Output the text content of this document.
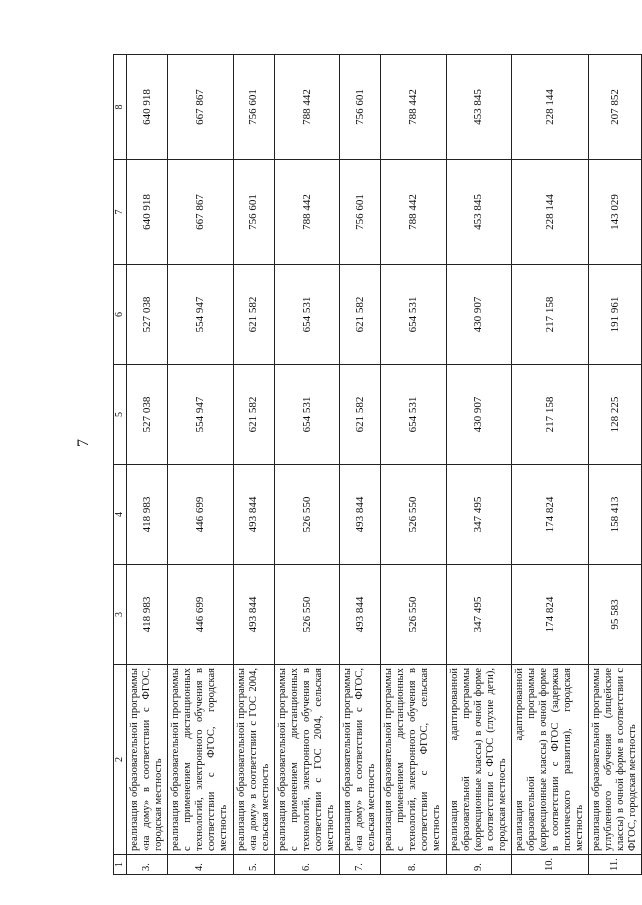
7
1	2	3	4	5	6	7	8
3.	реализация образовательной программы «на дому» в соответствии с ФГОС, городская местность	418 983	418 983	527 038	527 038	640 918	640 918
4.	реализация образовательной программы с применением дистанционных технологий, электронного обучения в соответствии с ФГОС, городская местность	446 699	446 699	554 947	554 947	667 867	667 867
5.	реализация образовательной программы «на дому» в соответствии с ГОС 2004, сельская местность	493 844	493 844	621 582	621 582	756 601	756 601
6.	реализация образовательной программы с применением дистанционных технологий, электронного обучения в соответствии с ГОС 2004, сельская местность	526 550	526 550	654 531	654 531	788 442	788 442
7.	реализация образовательной программы «на дому» в соответствии с ФГОС, сельская местность	493 844	493 844	621 582	621 582	756 601	756 601
8.	реализация образовательной программы с применением дистанционных технологий, электронного обучения в соответствии с ФГОС, сельская местность	526 550	526 550	654 531	654 531	788 442	788 442
9.	реализация адаптированной образовательной программы (коррекционные классы) в очной форме в соответствии с ФГОС (глухие дети), городская местность	347 495	347 495	430 907	430 907	453 845	453 845
10.	реализация адаптированной образовательной программы (коррекционные классы) в очной форме в соответствии с ФГОС (задержка психического развития), городская местность	174 824	174 824	217 158	217 158	228 144	228 144
11.	реализация образовательной программы углубленного обучения (лицейские классы) в очной форме в соответствии с ФГОС, городская местность	95 583	158 413	128 225	191 961	143 029	207 852
